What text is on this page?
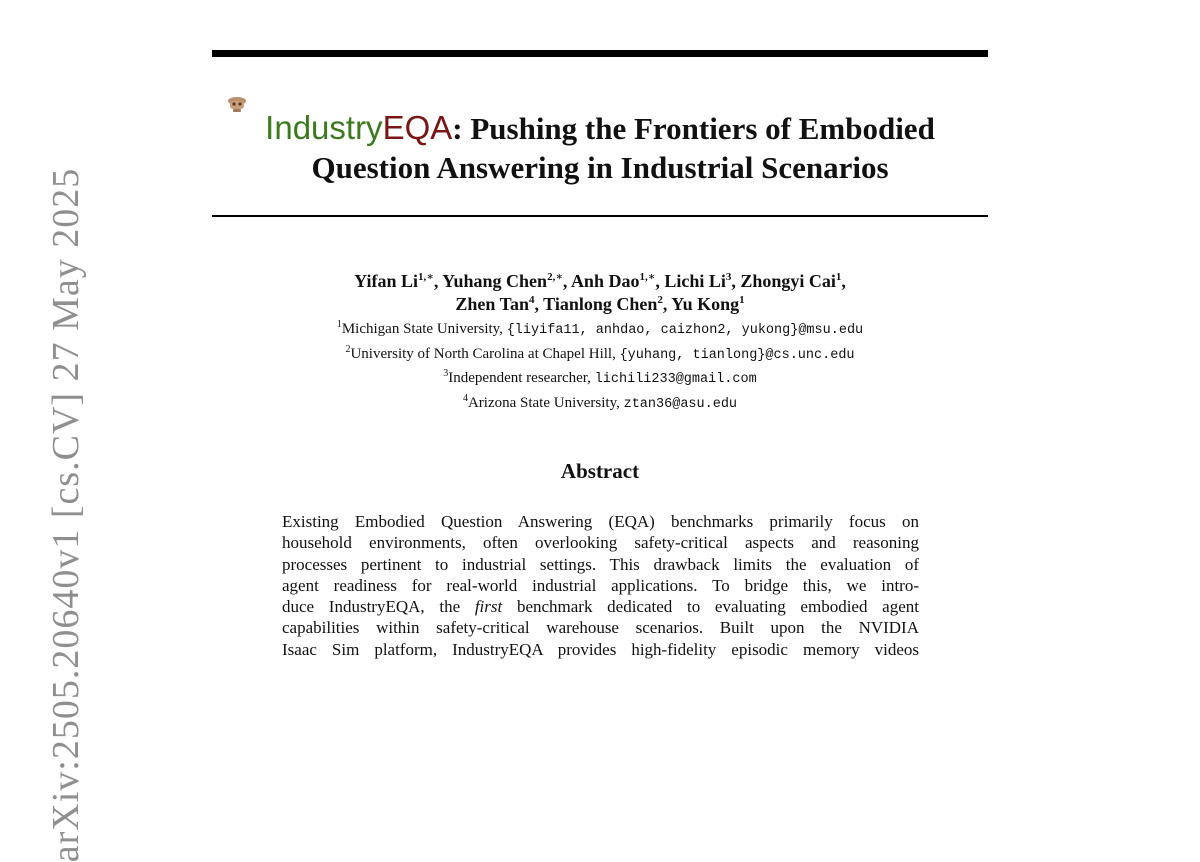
arXiv:2505.20640v1 [cs.CV] 27 May 2025
IndustryEQA: Pushing the Frontiers of Embodied
Question Answering in Industrial Scenarios
Yifan $Li^{1,∗}$, Yuhang Chen$^{2,∗}$, Anh Dao$^{1,∗}$, Lichi Li$^3$, Zhongyi Cai$^1$,
Zhen Tan$^4$, Tianlong Chen$^2$, Yu Kong$^1$
$^1$Michigan State University, {liyifa11, anhdao, caizhon2, yukong}@msu.edu
$^2$University of North Carolina at Chapel Hill, {yuhang, tianlong}@cs.unc.edu
$^3$Independent researcher, lichili233@gmail.com
$^4$Arizona State University, ztan36@asu.edu
Abstract
Existing Embodied Question Answering (EQA) benchmarks primarily focus on
household environments, often overlooking safety-critical aspects and reasoning
processes pertinent to industrial settings. This drawback limits the evaluation of
agent readiness for real-world industrial applications. To bridge this, we intro-
duce IndustryEQA, the first benchmark dedicated to evaluating embodied agent
capabilities within safety-critical warehouse scenarios. Built upon the NVIDIA
Isaac Sim platform, IndustryEQA provides high-fidelity episodic memory videos
